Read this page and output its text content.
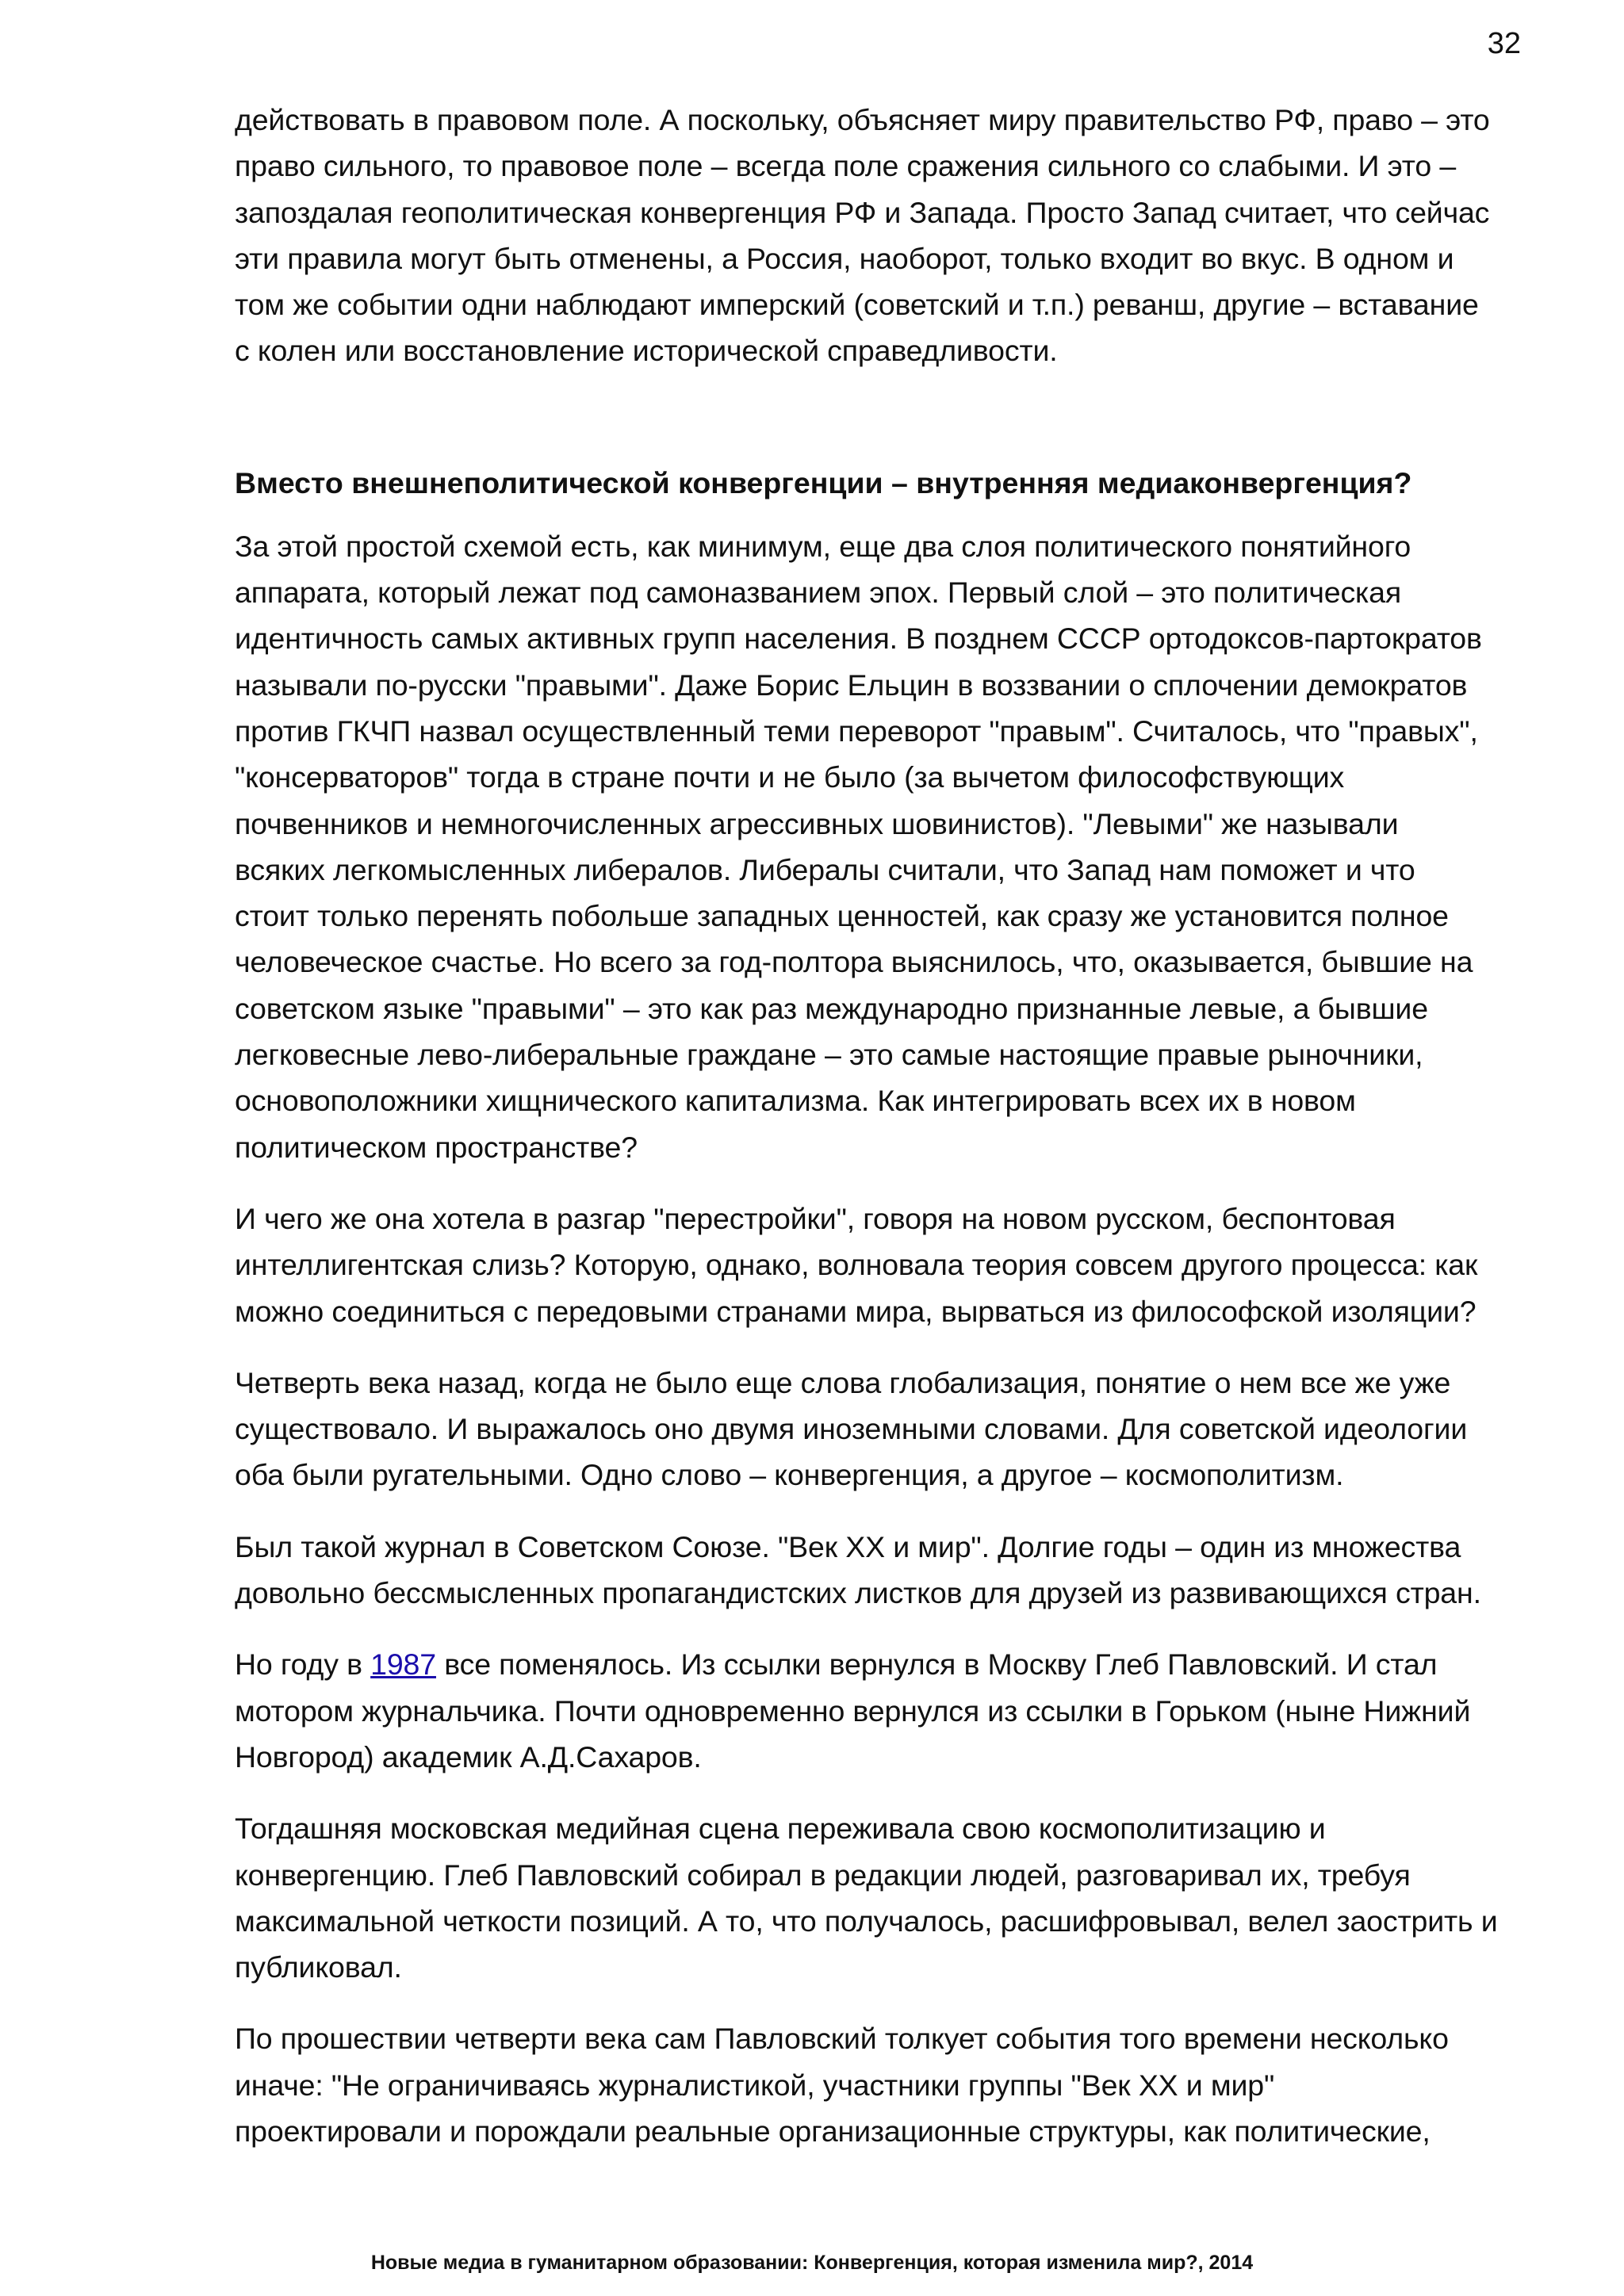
32

действовать в правовом поле. А поскольку, объясняет миру правительство РФ, право – это
право сильного, то правовое поле – всегда поле сражения сильного со слабыми. И это –
запоздалая геополитическая конвергенция РФ и Запада. Просто Запад считает, что сейчас
эти правила могут быть отменены, а Россия, наоборот, только входит во вкус. В одном и
том же событии одни наблюдают имперский (советский и т.п.) реванш, другие – вставание
с колен или восстановление исторической справедливости.

Вместо внешнеполитической конвергенции – внутренняя медиаконвергенция?

За этой простой схемой есть, как минимум, еще два слоя политического понятийного
аппарата, который лежат под самоназванием эпох. Первый слой – это политическая
идентичность самых активных групп населения. В позднем СССР ортодоксов-партократов
называли по-русски "правыми". Даже Борис Ельцин в воззвании о сплочении демократов
против ГКЧП назвал осуществленный теми переворот "правым". Считалось, что "правых",
"консерваторов" тогда в стране почти и не было (за вычетом философствующих
почвенников и немногочисленных агрессивных шовинистов). "Левыми" же называли
всяких легкомысленных либералов. Либералы считали, что Запад нам поможет и что
стоит только перенять побольше западных ценностей, как сразу же установится полное
человеческое счастье. Но всего за год-полтора выяснилось, что, оказывается, бывшие на
советском языке "правыми" – это как раз международно признанные левые, а бывшие
легковесные лево-либеральные граждане – это самые настоящие правые рыночники,
основоположники хищнического капитализма. Как интегрировать всех их в новом
политическом пространстве?

И чего же она хотела в разгар "перестройки", говоря на новом русском, беспонтовая
интеллигентская слизь? Которую, однако, волновала теория совсем другого процесса: как
можно соединиться с передовыми странами мира, вырваться из философской изоляции?

Четверть века назад, когда не было еще слова глобализация, понятие о нем все же уже
существовало. И выражалось оно двумя иноземными словами. Для советской идеологии
оба были ругательными. Одно слово – конвергенция, а другое – космополитизм.

Был такой журнал в Советском Союзе. "Век ХХ и мир". Долгие годы – один из множества
довольно бессмысленных пропагандистских листков для друзей из развивающихся стран.

Но году в 1987 все поменялось. Из ссылки вернулся в Москву Глеб Павловский. И стал
мотором журнальчика. Почти одновременно вернулся из ссылки в Горьком (ныне Нижний
Новгород) академик А.Д.Сахаров.

Тогдашняя московская медийная сцена переживала свою космополитизацию и
конвергенцию. Глеб Павловский собирал в редакции людей, разговаривал их, требуя
максимальной четкости позиций. А то, что получалось, расшифровывал, велел заострить и
публиковал.

По прошествии четверти века сам Павловский толкует события того времени несколько
иначе: "Не ограничиваясь журналистикой, участники группы "Век ХХ и мир"
проектировали и порождали реальные организационные структуры, как политические,

Новые медиа в гуманитарном образовании: Конвергенция, которая изменила мир?, 2014
